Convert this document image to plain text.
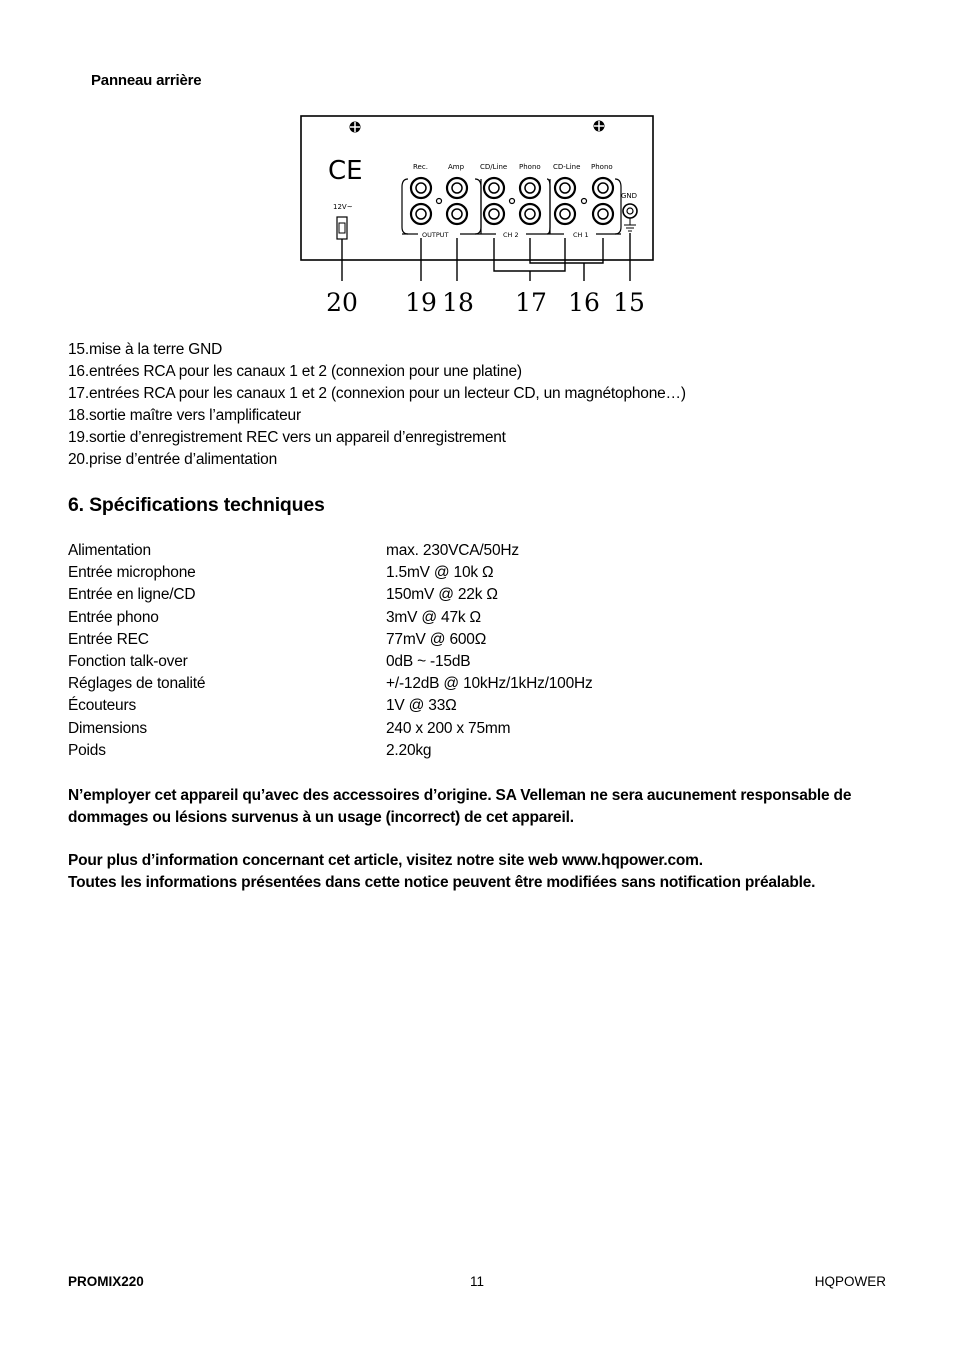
Panneau arrière
CE
12V~
Rec.	Amp CD/Line Phono CD-Line Phono
OUTPUT	CH 2	CH 1
GND
20 19 18 17 16 15
15.mise à la terre GND
16.entrées RCA pour les canaux 1 et 2 (connexion pour une platine)
17.entrées RCA pour les canaux 1 et 2 (connexion pour un lecteur CD, un magnétophone…)
18.sortie maître vers l’amplificateur
19.sortie d’enregistrement REC vers un appareil d’enregistrement
20.prise d’entrée d’alimentation
6. Spécifications techniques
Alimentation	max. 230VCA/50Hz
Entrée microphone	1.5mV @ 10k Ω
Entrée en ligne/CD	150mV @ 22k Ω
Entrée phono	3mV @ 47k Ω
Entrée REC	77mV @ 600Ω
Fonction talk-over	0dB ~ -15dB
Réglages de tonalité	+/-12dB @ 10kHz/1kHz/100Hz
Écouteurs	1V @ 33Ω
Dimensions	240 x 200 x 75mm
Poids	2.20kg
N’employer cet appareil qu’avec des accessoires d’origine. SA Velleman ne sera aucunement responsable de dommages ou lésions survenus à un usage (incorrect) de cet appareil.
Pour plus d’information concernant cet article, visitez notre site web www.hqpower.com.
Toutes les informations présentées dans cette notice peuvent être modifiées sans notification préalable.
PROMIX220	11	HQPOWER
